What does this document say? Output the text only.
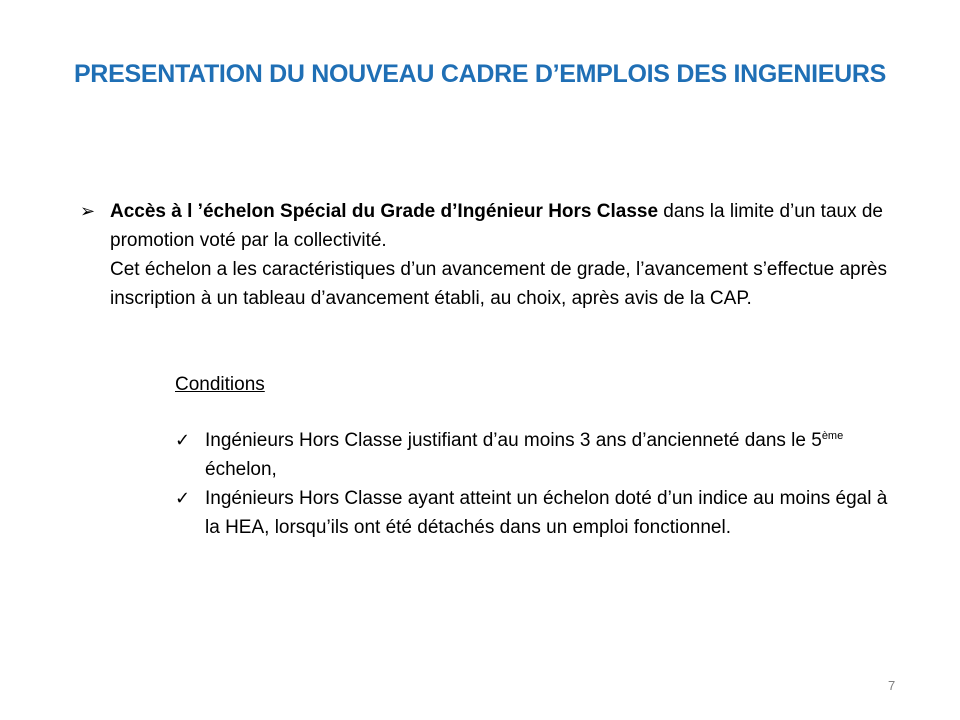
PRESENTATION DU NOUVEAU CADRE D’EMPLOIS DES INGENIEURS
➢ Accès à l ’échelon Spécial du Grade d’Ingénieur Hors Classe dans la limite d’un taux de promotion voté par la collectivité.
Cet échelon a les caractéristiques d’un avancement de grade, l’avancement s’effectue après inscription à un tableau d’avancement établi, au choix, après avis de la CAP.
Conditions
✓ Ingénieurs Hors Classe justifiant d’au moins 3 ans d’ancienneté dans le 5ème échelon,
✓ Ingénieurs Hors Classe ayant atteint un échelon doté d’un indice au moins égal à la HEA, lorsqu’ils ont été détachés dans un emploi fonctionnel.
7
